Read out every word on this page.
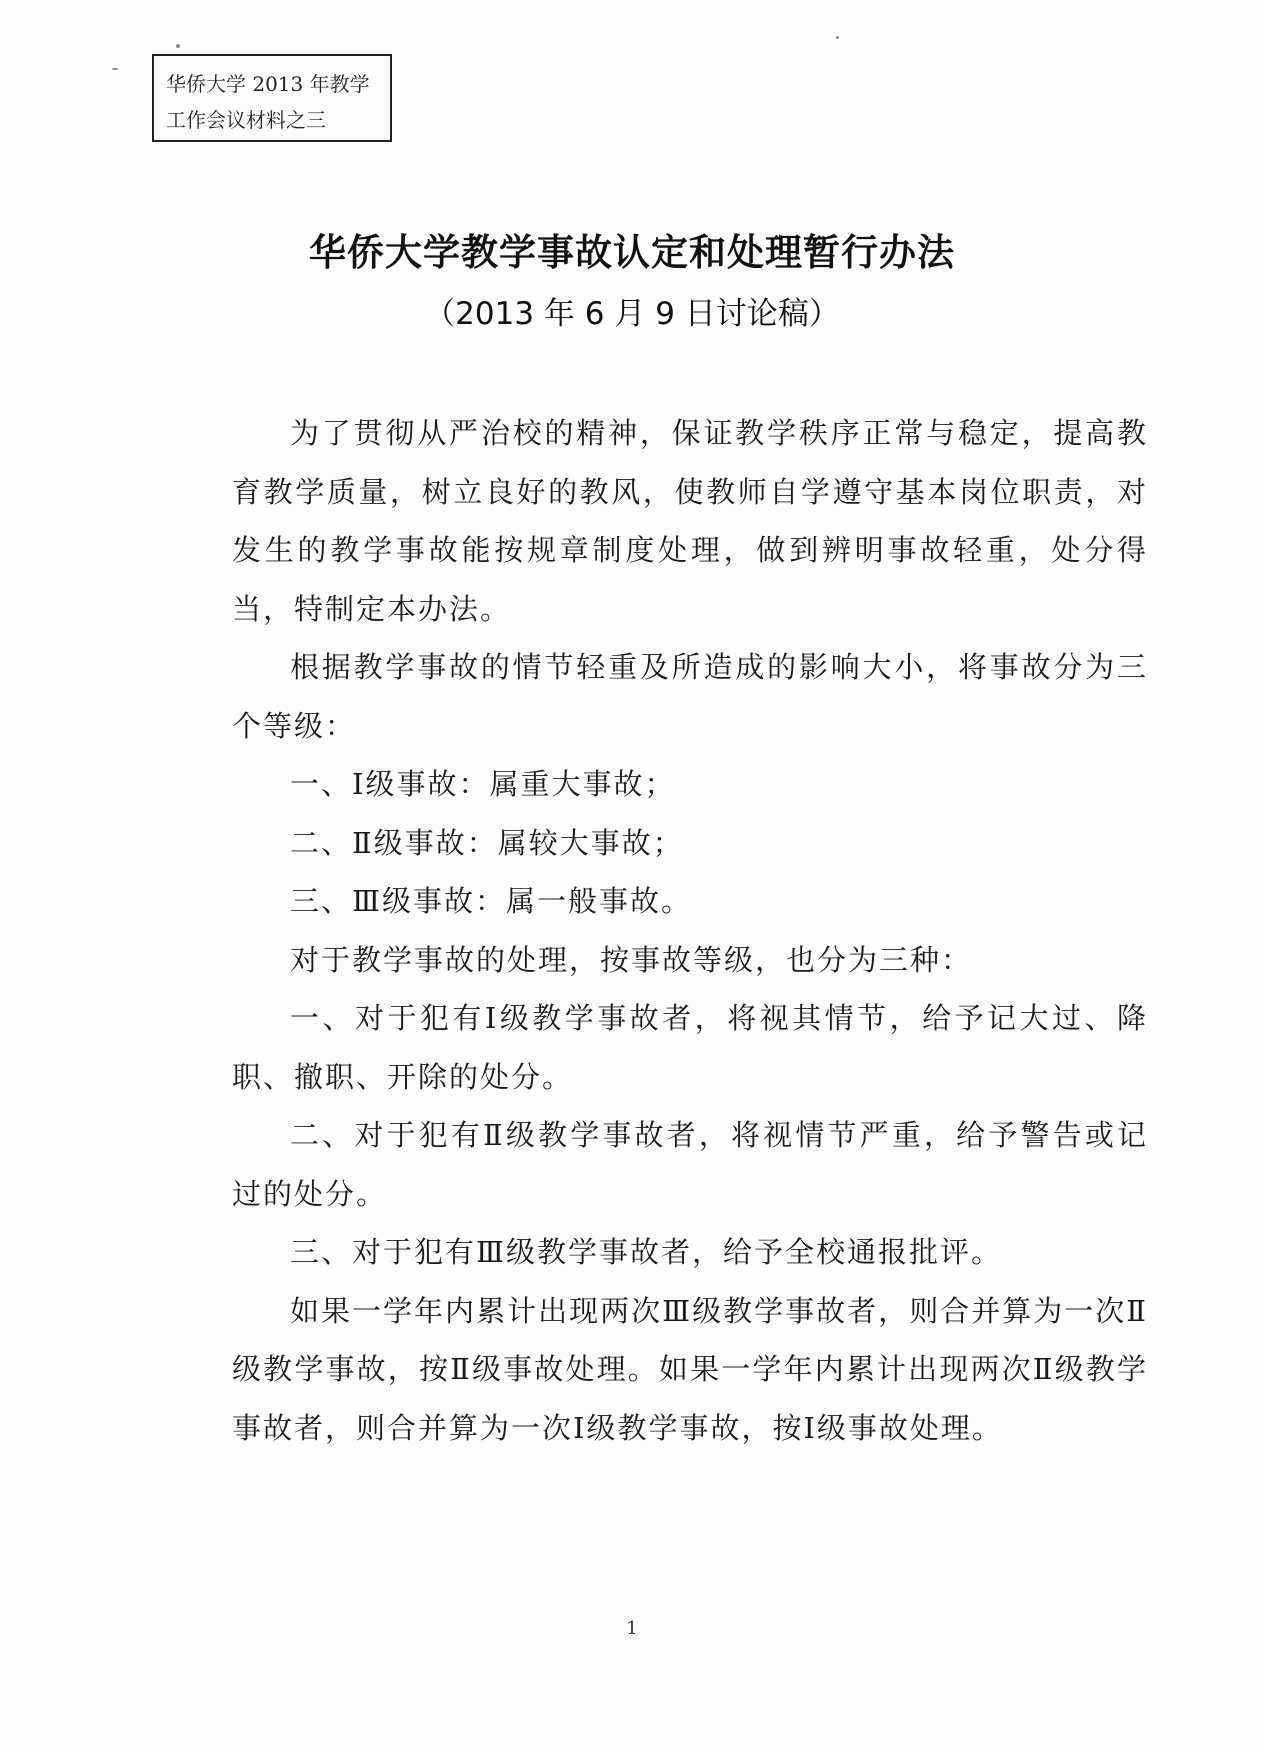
华侨大学 2013 年教学
工作会议材料之三
华侨大学教学事故认定和处理暂行办法
（2013 年 6 月 9 日讨论稿）

为了贯彻从严治校的精神，保证教学秩序正常与稳定，提高教育教学质量，树立良好的教风，使教师自学遵守基本岗位职责，对发生的教学事故能按规章制度处理，做到辨明事故轻重，处分得当，特制定本办法。

根据教学事故的情节轻重及所造成的影响大小，将事故分为三个等级：

一、Ⅰ级事故：属重大事故；

二、Ⅱ级事故：属较大事故；

三、Ⅲ级事故：属一般事故。

对于教学事故的处理，按事故等级，也分为三种：

一、对于犯有Ⅰ级教学事故者，将视其情节，给予记大过、降职、撤职、开除的处分。

二、对于犯有Ⅱ级教学事故者，将视情节严重，给予警告或记过的处分。

三、对于犯有Ⅲ级教学事故者，给予全校通报批评。

如果一学年内累计出现两次Ⅲ级教学事故者，则合并算为一次Ⅱ级教学事故，按Ⅱ级事故处理。如果一学年内累计出现两次Ⅱ级教学事故者，则合并算为一次Ⅰ级教学事故，按Ⅰ级事故处理。

1
